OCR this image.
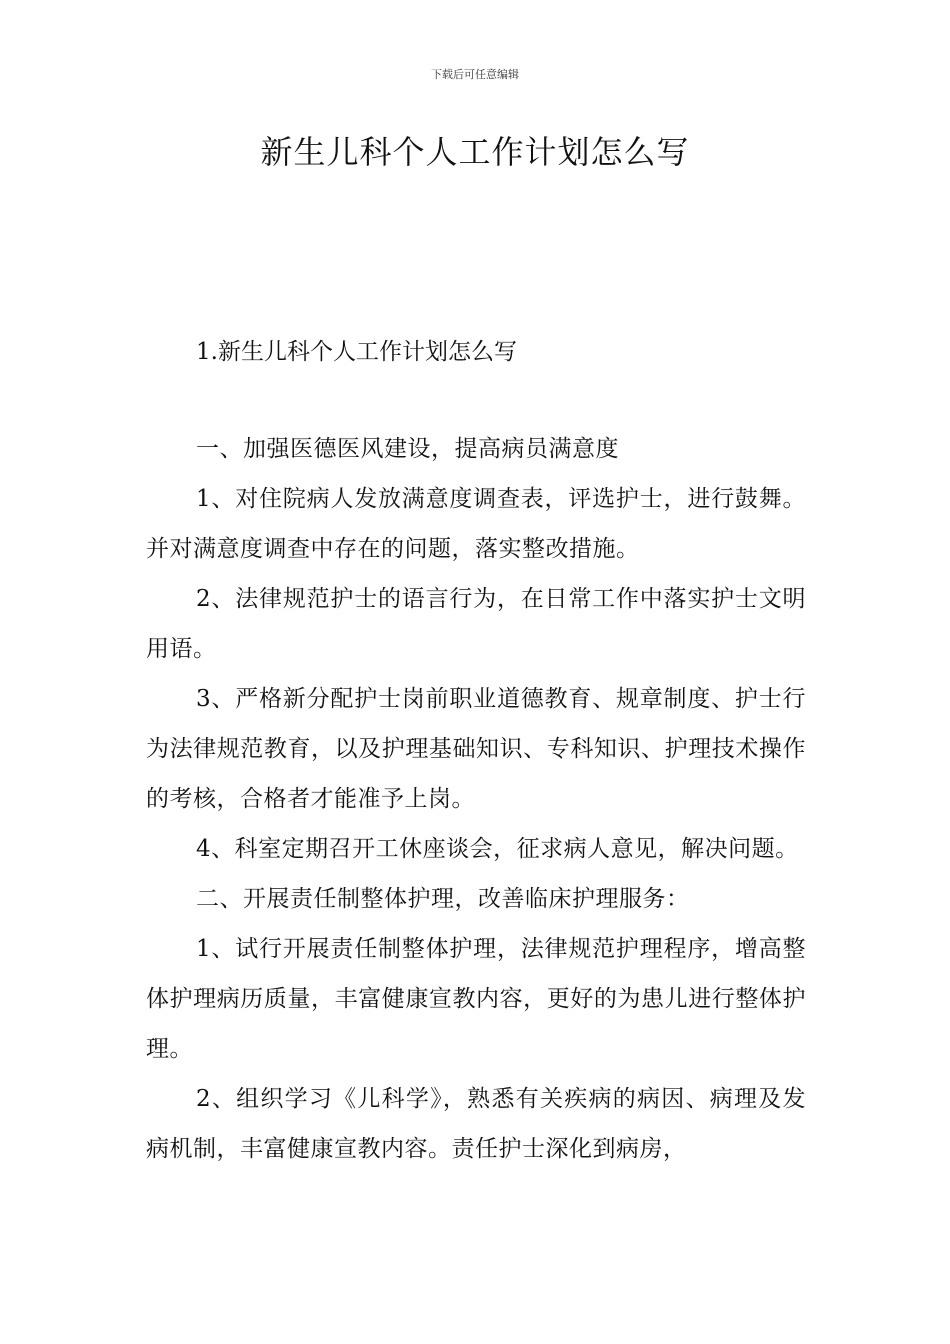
下载后可任意编辑
新生儿科个人工作计划怎么写

1.新生儿科个人工作计划怎么写

一、加强医德医风建设，提高病员满意度

1、对住院病人发放满意度调查表，评选护士，进行鼓舞。并对满意度调查中存在的问题，落实整改措施。

2、法律规范护士的语言行为，在日常工作中落实护士文明用语。

3、严格新分配护士岗前职业道德教育、规章制度、护士行为法律规范教育，以及护理基础知识、专科知识、护理技术操作的考核，合格者才能准予上岗。

4、科室定期召开工休座谈会，征求病人意见，解决问题。

二、开展责任制整体护理，改善临床护理服务：

1、试行开展责任制整体护理，法律规范护理程序，增高整体护理病历质量，丰富健康宣教内容，更好的为患儿进行整体护理。

2、组织学习《儿科学》，熟悉有关疾病的病因、病理及发病机制，丰富健康宣教内容。责任护士深化到病房，
